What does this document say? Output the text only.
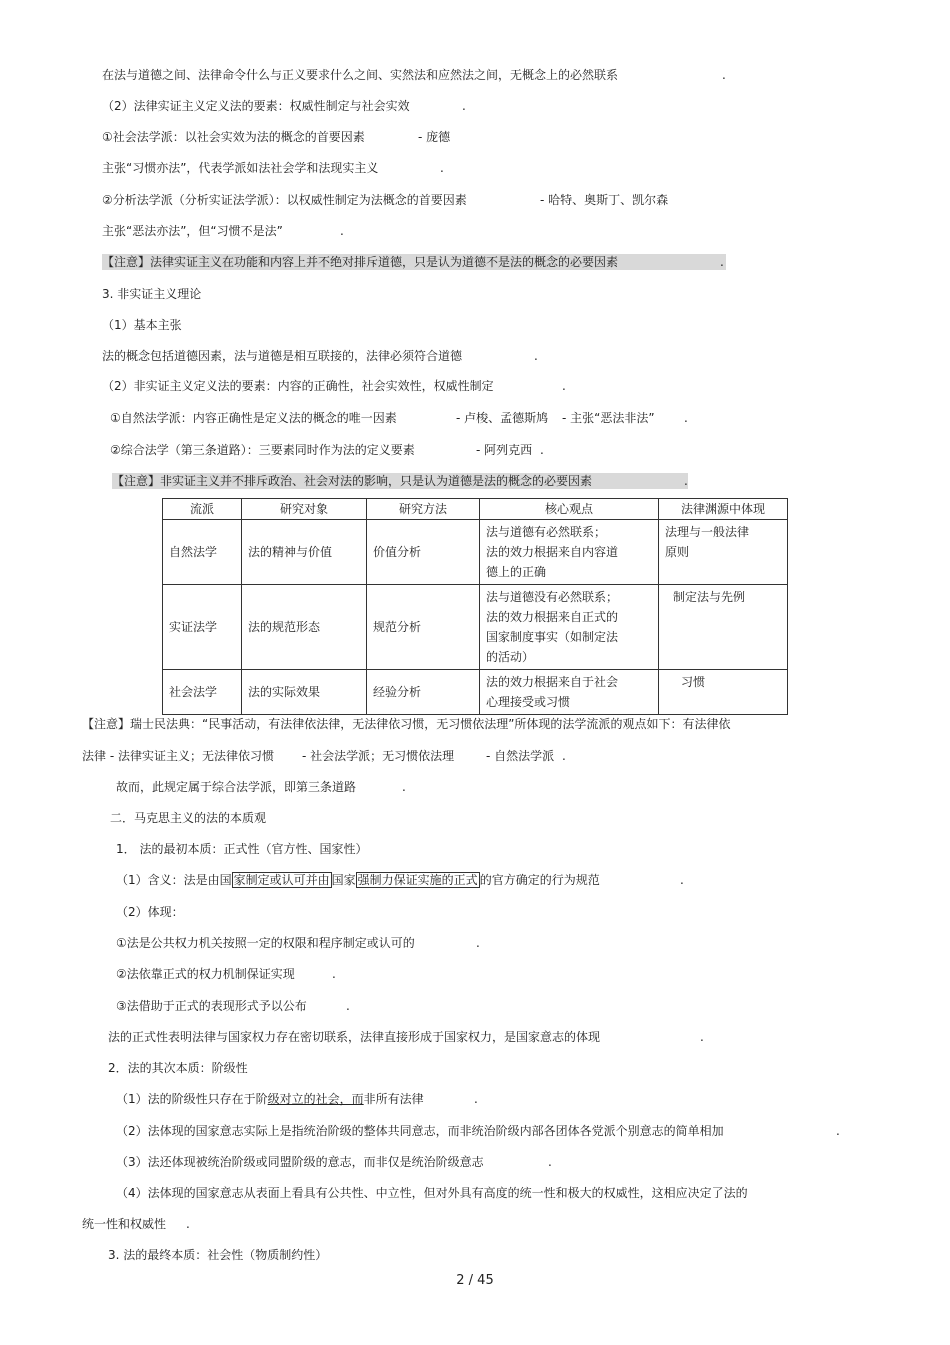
在法与道德之间、法律命令什么与正义要求什么之间、实然法和应然法之间，无概念上的必然联系	.
（2）法律实证主义定义法的要素：权威性制定与社会实效	.
①社会法学派：以社会实效为法的概念的首要因素	- 庞德
主张“习惯亦法”，代表学派如法社会学和法现实主义	.
②分析法学派（分析实证法学派）：以权威性制定为法概念的首要因素	- 哈特、奥斯丁、凯尔森
主张“恶法亦法”，但“习惯不是法”	.
【注意】法律实证主义在功能和内容上并不绝对排斥道德，只是认为道德不是法的概念的必要因素	.
3. 非实证主义理论
（1）基本主张
法的概念包括道德因素，法与道德是相互联接的，法律必须符合道德	.
（2）非实证主义定义法的要素：内容的正确性，社会实效性，权威性制定	.
①自然法学派：内容正确性是定义法的概念的唯一因素	- 卢梭、孟德斯鸠 - 主张“恶法非法” .
②综合法学（第三条道路）：三要素同时作为法的定义要素	- 阿列克西 .
【注意】非实证主义并不排斥政治、社会对法的影响，只是认为道德是法的概念的必要因素	.
流派	研究对象	研究方法	核心观点	法律渊源中体现
自然法学	法的精神与价值	价值分析	法与道德有必然联系；
法的效力根据来自内容道
德上的正确	法理与一般法律
原则
实证法学	法的规范形态	规范分析	法与道德没有必然联系；
法的效力根据来自正式的
国家制度事实（如制定法
的活动）	制定法与先例
社会法学	法的实际效果	经验分析	法的效力根据来自于社会
心理接受或习惯	习惯
【注意】瑞士民法典：“民事活动，有法律依法律，无法律依习惯，无习惯依法理”所体现的法学流派的观点如下：有法律依
法律 - 法律实证主义；无法律依习惯 - 社会法学派；无习惯依法理	- 自然法学派 .
故而，此规定属于综合法学派，即第三条道路	.
二．马克思主义的法的本质观
1． 法的最初本质：正式性（官方性、国家性）
（1）含义：法是由国 家制定或认可并由 国家 强制力保证实施的正式 的官方确定的行为规范	.
（2）体现：
①法是公共权力机关按照一定的权限和程序制定或认可的	.
②法依靠正式的权力机制保证实现	.
③法借助于正式的表现形式予以公布	.
法的正式性表明法律与国家权力存在密切联系，法律直接形成于国家权力，是国家意志的体现	.
2．法的其次本质：阶级性
（1）法的阶级性只存在于阶级对立的社会，而非所有法律	.
（2）法体现的国家意志实际上是指统治阶级的整体共同意志，而非统治阶级内部各团体各党派个别意志的简单相加	.
（3）法还体现被统治阶级或同盟阶级的意志，而非仅是统治阶级意志	.
（4）法体现的国家意志从表面上看具有公共性、中立性，但对外具有高度的统一性和极大的权威性，这相应决定了法的
统一性和权威性 .
3. 法的最终本质：社会性（物质制约性）
2 / 45
